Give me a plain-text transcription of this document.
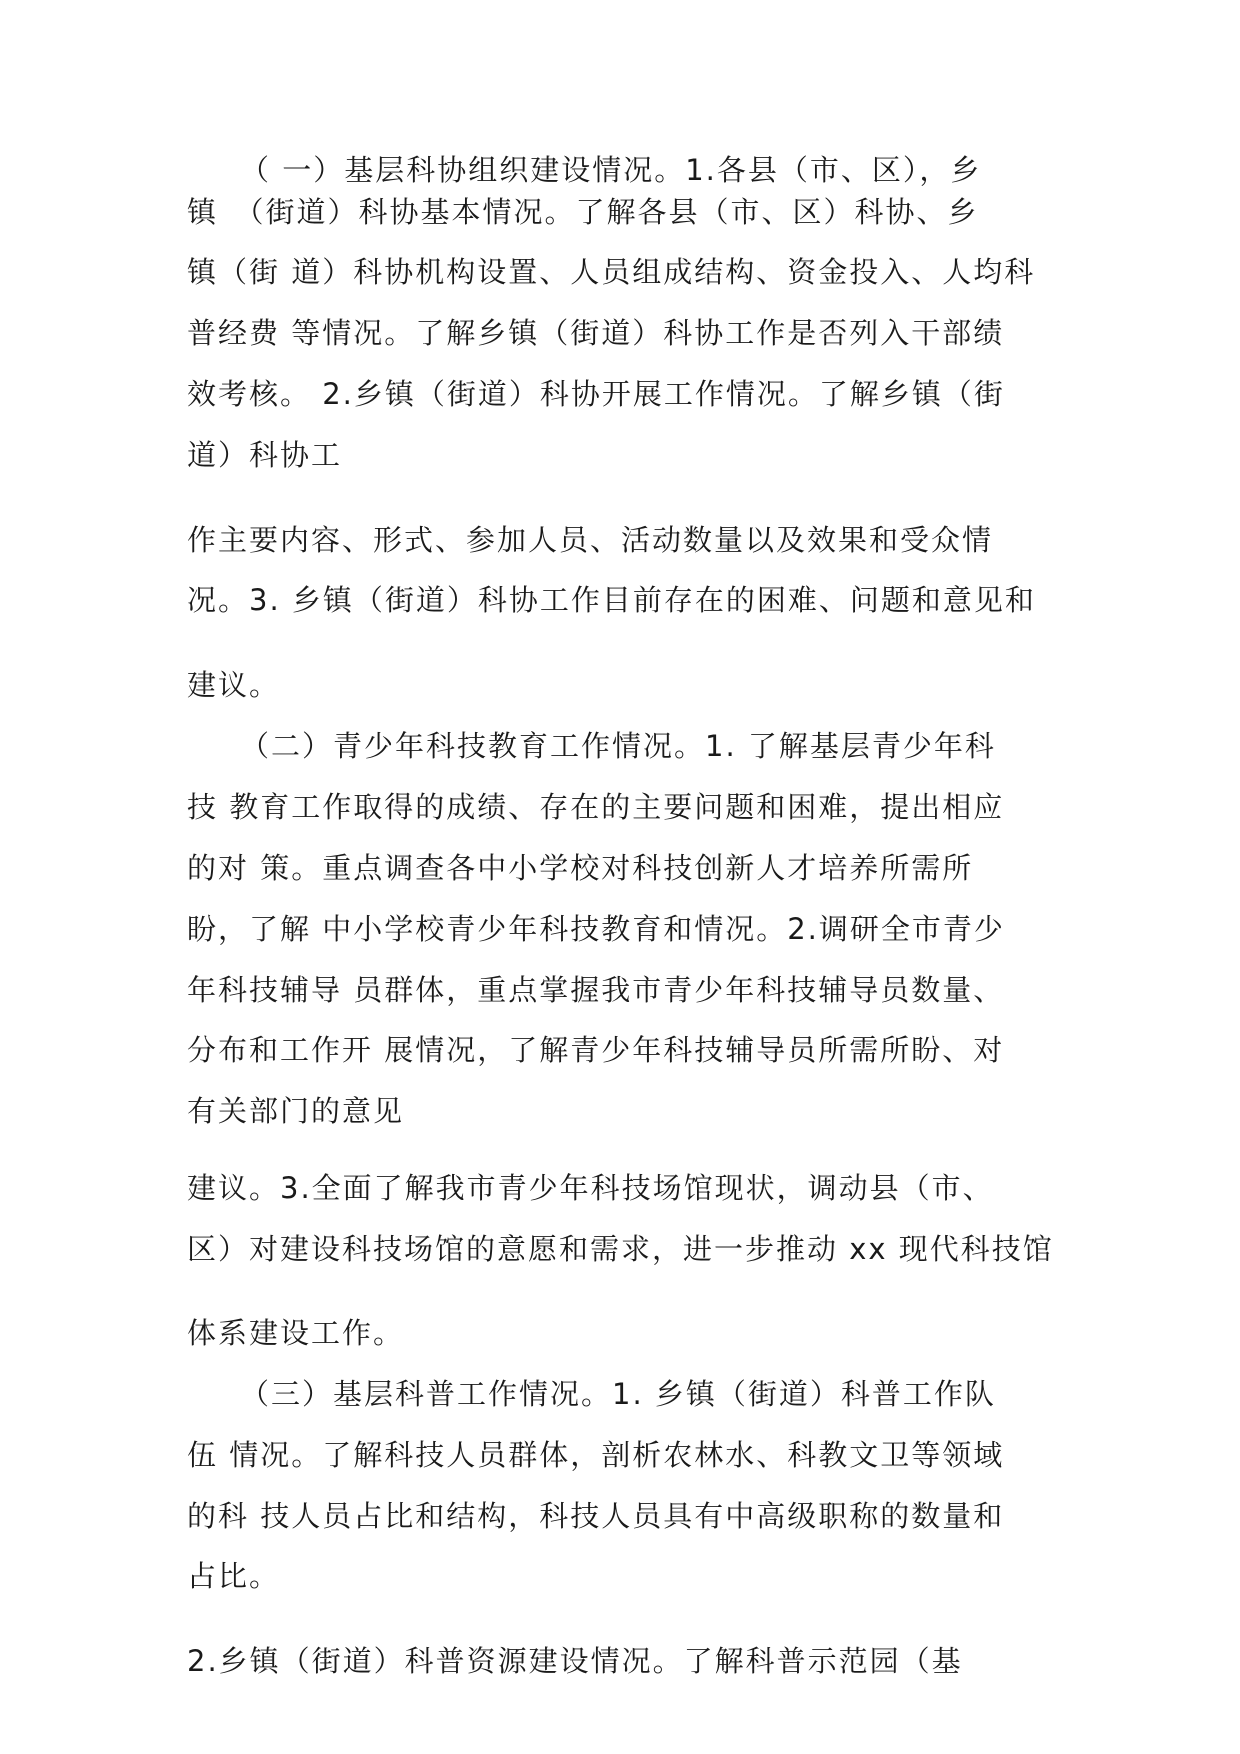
（ 一）基层科协组织建设情况。1.各县（市、区），乡
镇　（街道）科协基本情况。了解各县（市、区）科协、乡
镇（街 道）科协机构设置、人员组成结构、资金投入、人均科
普经费 等情况。了解乡镇（街道）科协工作是否列入干部绩
效考核。 2.乡镇（街道）科协开展工作情况。了解乡镇（街
道）科协工
作主要内容、形式、参加人员、活动数量以及效果和受众情
况。3. 乡镇（街道）科协工作目前存在的困难、问题和意见和
建议。
（二）青少年科技教育工作情况。1. 了解基层青少年科
技 教育工作取得的成绩、存在的主要问题和困难，提出相应
的对 策。重点调查各中小学校对科技创新人才培养所需所
盼，了解 中小学校青少年科技教育和情况。2.调研全市青少
年科技辅导 员群体，重点掌握我市青少年科技辅导员数量、
分布和工作开 展情况，了解青少年科技辅导员所需所盼、对
有关部门的意见
建议。3.全面了解我市青少年科技场馆现状，调动县（市、
区）对建设科技场馆的意愿和需求，进一步推动 xx 现代科技馆
体系建设工作。
（三）基层科普工作情况。1. 乡镇（街道）科普工作队
伍 情况。了解科技人员群体，剖析农林水、科教文卫等领域
的科 技人员占比和结构，科技人员具有中高级职称的数量和
占比。
2.乡镇（街道）科普资源建设情况。了解科普示范园（基
